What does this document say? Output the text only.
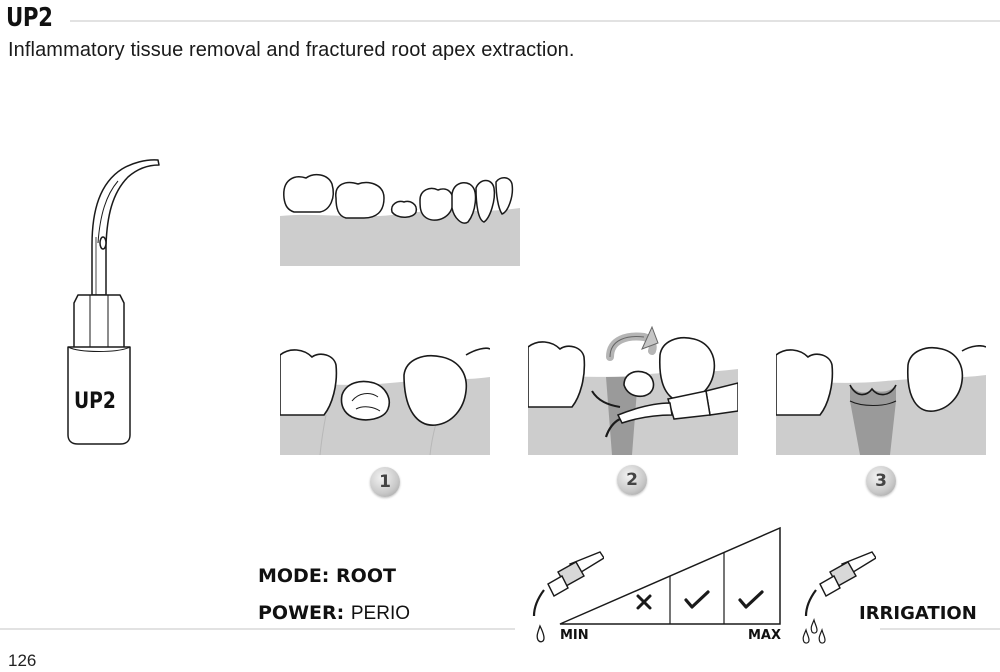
UP2
Inflammatory tissue removal and fractured root apex extraction.
UP2
1	2	3
MODE: ROOT
POWER: PERIO
MIN	MAX
IRRIGATION
126
